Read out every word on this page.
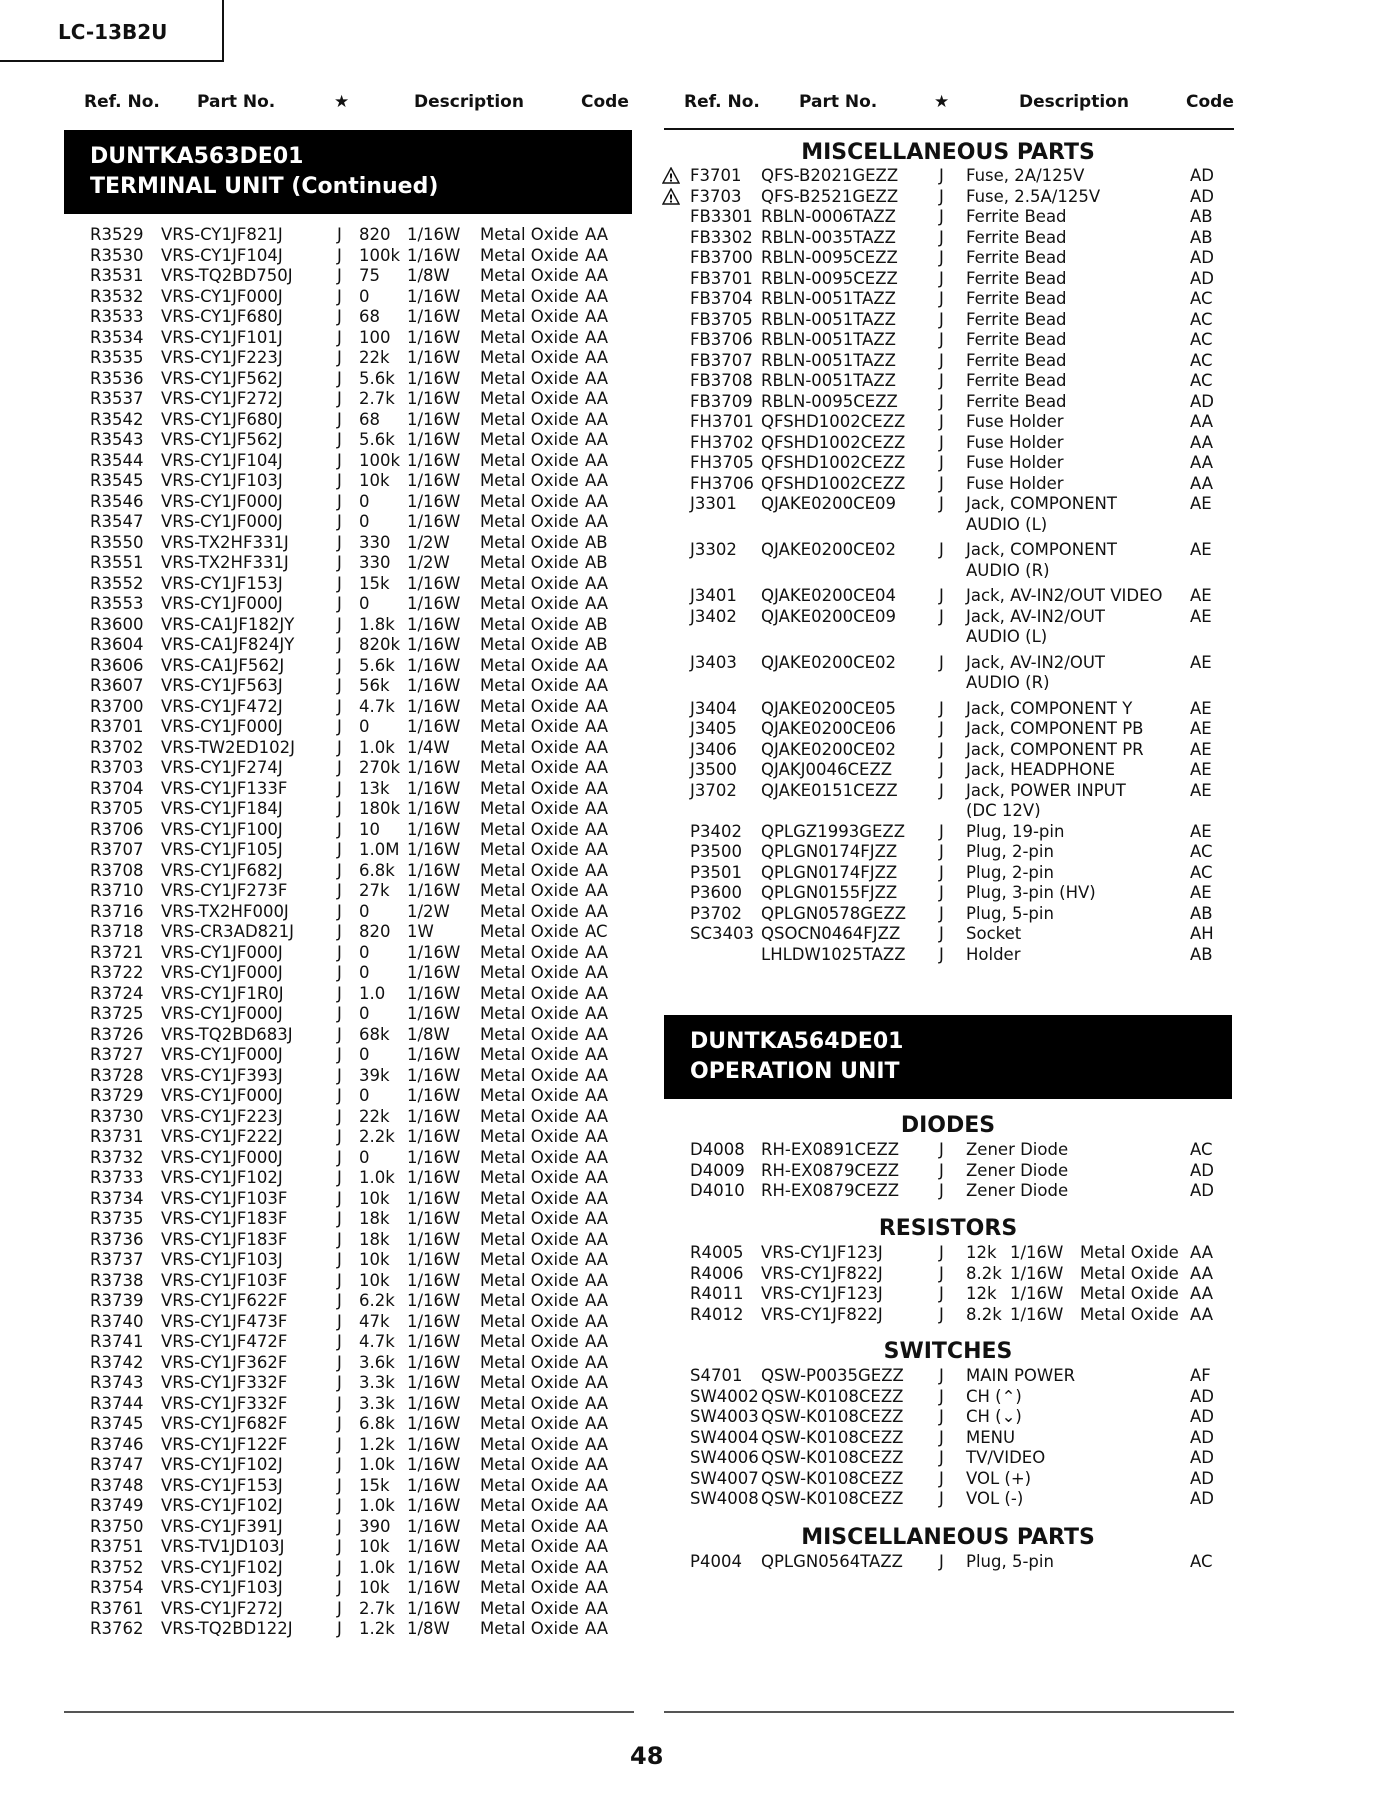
LC-13B2U
Ref. No. Part No.	★	Description	Code
DUNTKA563DE01
TERMINAL UNIT (Continued)
R3529 VRS-CY1JF821J	J 820 1/16W Metal Oxide AA
R3530 VRS-CY1JF104J	J 100k 1/16W Metal Oxide AA
R3531 VRS-TQ2BD750J	J 75 1/8W Metal Oxide AA
R3532 VRS-CY1JF000J	J 0 1/16W Metal Oxide AA
R3533 VRS-CY1JF680J	J 68 1/16W Metal Oxide AA
R3534 VRS-CY1JF101J	J 100 1/16W Metal Oxide AA
R3535 VRS-CY1JF223J	J 22k 1/16W Metal Oxide AA
R3536 VRS-CY1JF562J	J 5.6k 1/16W Metal Oxide AA
R3537 VRS-CY1JF272J	J 2.7k 1/16W Metal Oxide AA
R3542 VRS-CY1JF680J	J 68 1/16W Metal Oxide AA
R3543 VRS-CY1JF562J	J 5.6k 1/16W Metal Oxide AA
R3544 VRS-CY1JF104J	J 100k 1/16W Metal Oxide AA
R3545 VRS-CY1JF103J	J 10k 1/16W Metal Oxide AA
R3546 VRS-CY1JF000J	J 0 1/16W Metal Oxide AA
R3547 VRS-CY1JF000J	J 0 1/16W Metal Oxide AA
R3550 VRS-TX2HF331J	J 330 1/2W Metal Oxide AB
R3551 VRS-TX2HF331J	J 330 1/2W Metal Oxide AB
R3552 VRS-CY1JF153J	J 15k 1/16W Metal Oxide AA
R3553 VRS-CY1JF000J	J 0 1/16W Metal Oxide AA
R3600 VRS-CA1JF182JY	J 1.8k 1/16W Metal Oxide AB
R3604 VRS-CA1JF824JY	J 820k 1/16W Metal Oxide AB
R3606 VRS-CA1JF562J	J 5.6k 1/16W Metal Oxide AA
R3607 VRS-CY1JF563J	J 56k 1/16W Metal Oxide AA
R3700 VRS-CY1JF472J	J 4.7k 1/16W Metal Oxide AA
R3701 VRS-CY1JF000J	J 0 1/16W Metal Oxide AA
R3702 VRS-TW2ED102J	J 1.0k 1/4W Metal Oxide AA
R3703 VRS-CY1JF274J	J 270k 1/16W Metal Oxide AA
R3704 VRS-CY1JF133F	J 13k 1/16W Metal Oxide AA
R3705 VRS-CY1JF184J	J 180k 1/16W Metal Oxide AA
R3706 VRS-CY1JF100J	J 10 1/16W Metal Oxide AA
R3707 VRS-CY1JF105J	J 1.0M 1/16W Metal Oxide AA
R3708 VRS-CY1JF682J	J 6.8k 1/16W Metal Oxide AA
R3710 VRS-CY1JF273F	J 27k 1/16W Metal Oxide AA
R3716 VRS-TX2HF000J	J 0 1/2W Metal Oxide AA
R3718 VRS-CR3AD821J	J 820 1W	Metal Oxide AC
R3721 VRS-CY1JF000J	J 0 1/16W Metal Oxide AA
R3722 VRS-CY1JF000J	J 0 1/16W Metal Oxide AA
R3724 VRS-CY1JF1R0J	J 1.0 1/16W Metal Oxide AA
R3725 VRS-CY1JF000J	J 0 1/16W Metal Oxide AA
R3726 VRS-TQ2BD683J	J 68k 1/8W Metal Oxide AA
R3727 VRS-CY1JF000J	J 0 1/16W Metal Oxide AA
R3728 VRS-CY1JF393J	J 39k 1/16W Metal Oxide AA
R3729 VRS-CY1JF000J	J 0 1/16W Metal Oxide AA
R3730 VRS-CY1JF223J	J 22k 1/16W Metal Oxide AA
R3731 VRS-CY1JF222J	J 2.2k 1/16W Metal Oxide AA
R3732 VRS-CY1JF000J	J 0 1/16W Metal Oxide AA
R3733 VRS-CY1JF102J	J 1.0k 1/16W Metal Oxide AA
R3734 VRS-CY1JF103F	J 10k 1/16W Metal Oxide AA
R3735 VRS-CY1JF183F	J 18k 1/16W Metal Oxide AA
R3736 VRS-CY1JF183F	J 18k 1/16W Metal Oxide AA
R3737 VRS-CY1JF103J	J 10k 1/16W Metal Oxide AA
R3738 VRS-CY1JF103F	J 10k 1/16W Metal Oxide AA
R3739 VRS-CY1JF622F	J 6.2k 1/16W Metal Oxide AA
R3740 VRS-CY1JF473F	J 47k 1/16W Metal Oxide AA
R3741 VRS-CY1JF472F	J 4.7k 1/16W Metal Oxide AA
R3742 VRS-CY1JF362F	J 3.6k 1/16W Metal Oxide AA
R3743 VRS-CY1JF332F	J 3.3k 1/16W Metal Oxide AA
R3744 VRS-CY1JF332F	J 3.3k 1/16W Metal Oxide AA
R3745 VRS-CY1JF682F	J 6.8k 1/16W Metal Oxide AA
R3746 VRS-CY1JF122F	J 1.2k 1/16W Metal Oxide AA
R3747 VRS-CY1JF102J	J 1.0k 1/16W Metal Oxide AA
R3748 VRS-CY1JF153J	J 15k 1/16W Metal Oxide AA
R3749 VRS-CY1JF102J	J 1.0k 1/16W Metal Oxide AA
R3750 VRS-CY1JF391J	J 390 1/16W Metal Oxide AA
R3751 VRS-TV1JD103J	J 10k 1/16W Metal Oxide AA
R3752 VRS-CY1JF102J	J 1.0k 1/16W Metal Oxide AA
R3754 VRS-CY1JF103J	J 10k 1/16W Metal Oxide AA
R3761 VRS-CY1JF272J	J 2.7k 1/16W Metal Oxide AA
R3762 VRS-TQ2BD122J	J 1.2k 1/8W Metal Oxide AA
Ref. No. Part No.	★	Description	Code
MISCELLANEOUS PARTS
! F3701 QFS-B2021GEZZ J Fuse, 2A/125V	AD
! F3703 QFS-B2521GEZZ J Fuse, 2.5A/125V	AD
FB3301 RBLN-0006TAZZ	J Ferrite Bead	AB
FB3302 RBLN-0035TAZZ	J Ferrite Bead	AB
FB3700 RBLN-0095CEZZ J Ferrite Bead	AD
FB3701 RBLN-0095CEZZ J Ferrite Bead	AD
FB3704 RBLN-0051TAZZ	J Ferrite Bead	AC
FB3705 RBLN-0051TAZZ	J Ferrite Bead	AC
FB3706 RBLN-0051TAZZ	J Ferrite Bead	AC
FB3707 RBLN-0051TAZZ	J Ferrite Bead	AC
FB3708 RBLN-0051TAZZ	J Ferrite Bead	AC
FB3709 RBLN-0095CEZZ J Ferrite Bead	AD
FH3701 QFSHD1002CEZZ J Fuse Holder	AA
FH3702 QFSHD1002CEZZ J Fuse Holder	AA
FH3705 QFSHD1002CEZZ J Fuse Holder	AA
FH3706 QFSHD1002CEZZ J Fuse Holder	AA
J3301 QJAKE0200CE09	J Jack, COMPONENT	AE
AUDIO (L)
J3302 QJAKE0200CE02	J Jack, COMPONENT	AE
AUDIO (R)
J3401 QJAKE0200CE04	J Jack, AV-IN2/OUT VIDEO AE
J3402 QJAKE0200CE09	J Jack, AV-IN2/OUT	AE
AUDIO (L)
J3403 QJAKE0200CE02	J Jack, AV-IN2/OUT	AE
AUDIO (R)
J3404 QJAKE0200CE05	J Jack, COMPONENT Y	AE
J3405 QJAKE0200CE06	J Jack, COMPONENT PB	AE
J3406 QJAKE0200CE02	J Jack, COMPONENT PR	AE
J3500 QJAKJ0046CEZZ	J Jack, HEADPHONE	AE
J3702 QJAKE0151CEZZ	J Jack, POWER INPUT	AE
(DC 12V)
P3402 QPLGZ1993GEZZ J Plug, 19-pin	AE
P3500 QPLGN0174FJZZ	J Plug, 2-pin	AC
P3501 QPLGN0174FJZZ	J Plug, 2-pin	AC
P3600 QPLGN0155FJZZ	J Plug, 3-pin (HV)	AE
P3702 QPLGN0578GEZZ J Plug, 5-pin	AB
SC3403 QSOCN0464FJZZ J Socket	AH
LHLDW1025TAZZ J Holder	AB
DUNTKA564DE01
OPERATION UNIT
DIODES
D4008 RH-EX0891CEZZ J Zener Diode	AC
D4009 RH-EX0879CEZZ J Zener Diode	AD
D4010 RH-EX0879CEZZ J Zener Diode	AD
RESISTORS
R4005 VRS-CY1JF123J	J 12k 1/16W Metal Oxide AA
R4006 VRS-CY1JF822J	J 8.2k 1/16W Metal Oxide AA
R4011 VRS-CY1JF123J	J 12k 1/16W Metal Oxide AA
R4012 VRS-CY1JF822J	J 8.2k 1/16W Metal Oxide AA
SWITCHES
S4701 QSW-P0035GEZZ J MAIN POWER	AF
SW4002 QSW-K0108CEZZ J CH (⌃)	AD
SW4003 QSW-K0108CEZZ J CH (⌄)	AD
SW4004 QSW-K0108CEZZ J MENU	AD
SW4006 QSW-K0108CEZZ J TV/VIDEO	AD
SW4007 QSW-K0108CEZZ J VOL (+)	AD
SW4008 QSW-K0108CEZZ J VOL (-)	AD
MISCELLANEOUS PARTS
P4004 QPLGN0564TAZZ J Plug, 5-pin	AC
48
